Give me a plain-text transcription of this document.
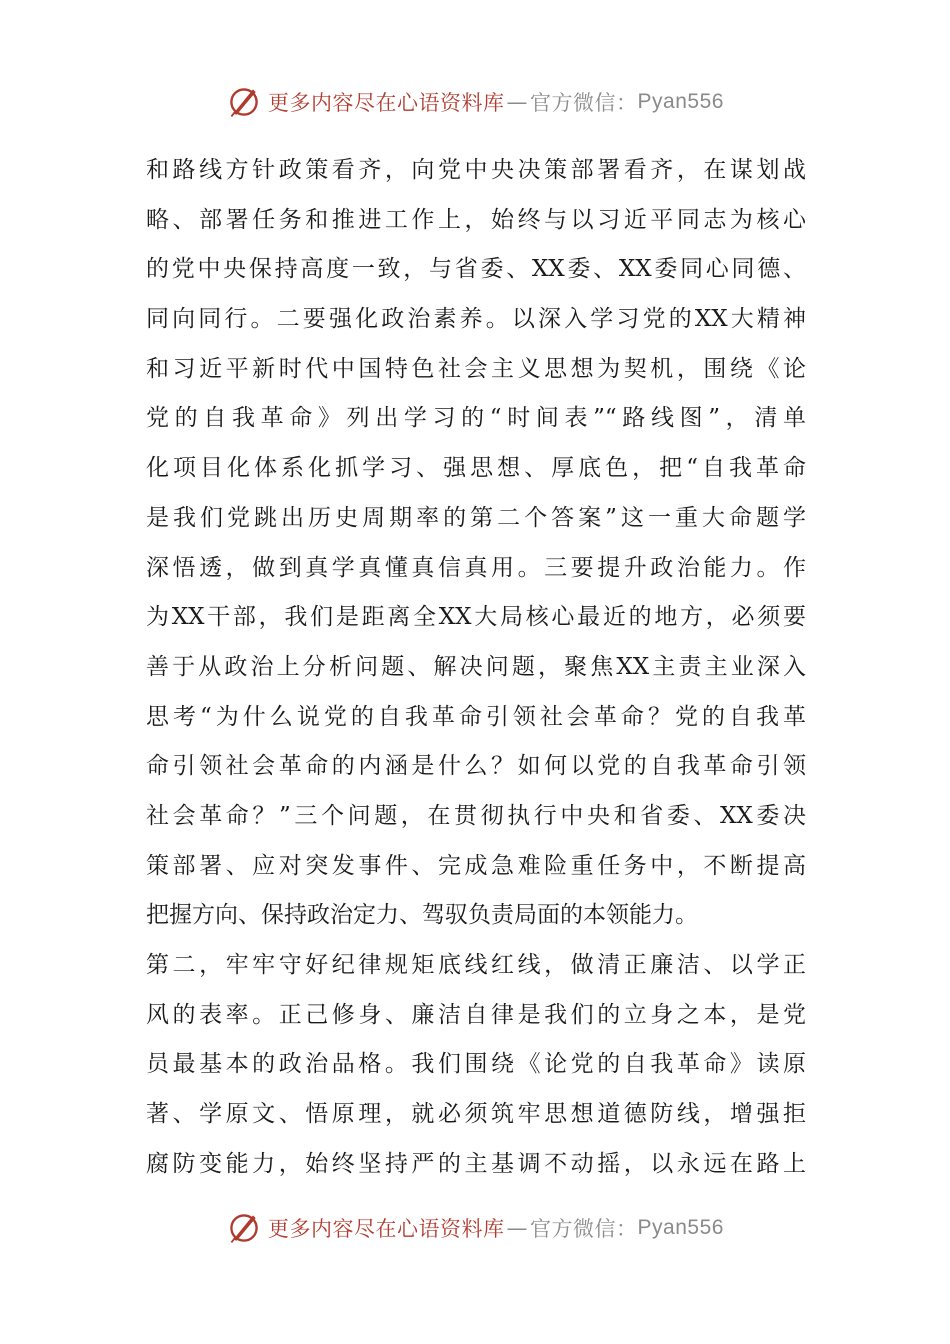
更多内容尽在心语资料库 — 官方微信： Pyan556
和路线方针政策看齐，向党中央决策部署看齐，在谋划战
略、部署任务和推进工作上，始终与以习近平同志为核心
的党中央保持高度一致，与省委、XX委、XX委同心同德、
同向同行。二要强化政治素养。以深入学习党的XX大精神
和习近平新时代中国特色社会主义思想为契机，围绕《论
党的自我革命》列出学习的“时间表”“路线图”，清单
化项目化体系化抓学习、强思想、厚底色，把“自我革命
是我们党跳出历史周期率的第二个答案”这一重大命题学
深悟透，做到真学真懂真信真用。三要提升政治能力。作
为XX干部，我们是距离全XX大局核心最近的地方，必须要
善于从政治上分析问题、解决问题，聚焦XX主责主业深入
思考“为什么说党的自我革命引领社会革命？党的自我革
命引领社会革命的内涵是什么？如何以党的自我革命引领
社会革命？”三个问题，在贯彻执行中央和省委、XX委决
策部署、应对突发事件、完成急难险重任务中，不断提高
把握方向、保持政治定力、驾驭负责局面的本领能力。
第二，牢牢守好纪律规矩底线红线，做清正廉洁、以学正
风的表率。正己修身、廉洁自律是我们的立身之本，是党
员最基本的政治品格。我们围绕《论党的自我革命》读原
著、学原文、悟原理，就必须筑牢思想道德防线，增强拒
腐防变能力，始终坚持严的主基调不动摇，以永远在路上
更多内容尽在心语资料库 — 官方微信： Pyan556
